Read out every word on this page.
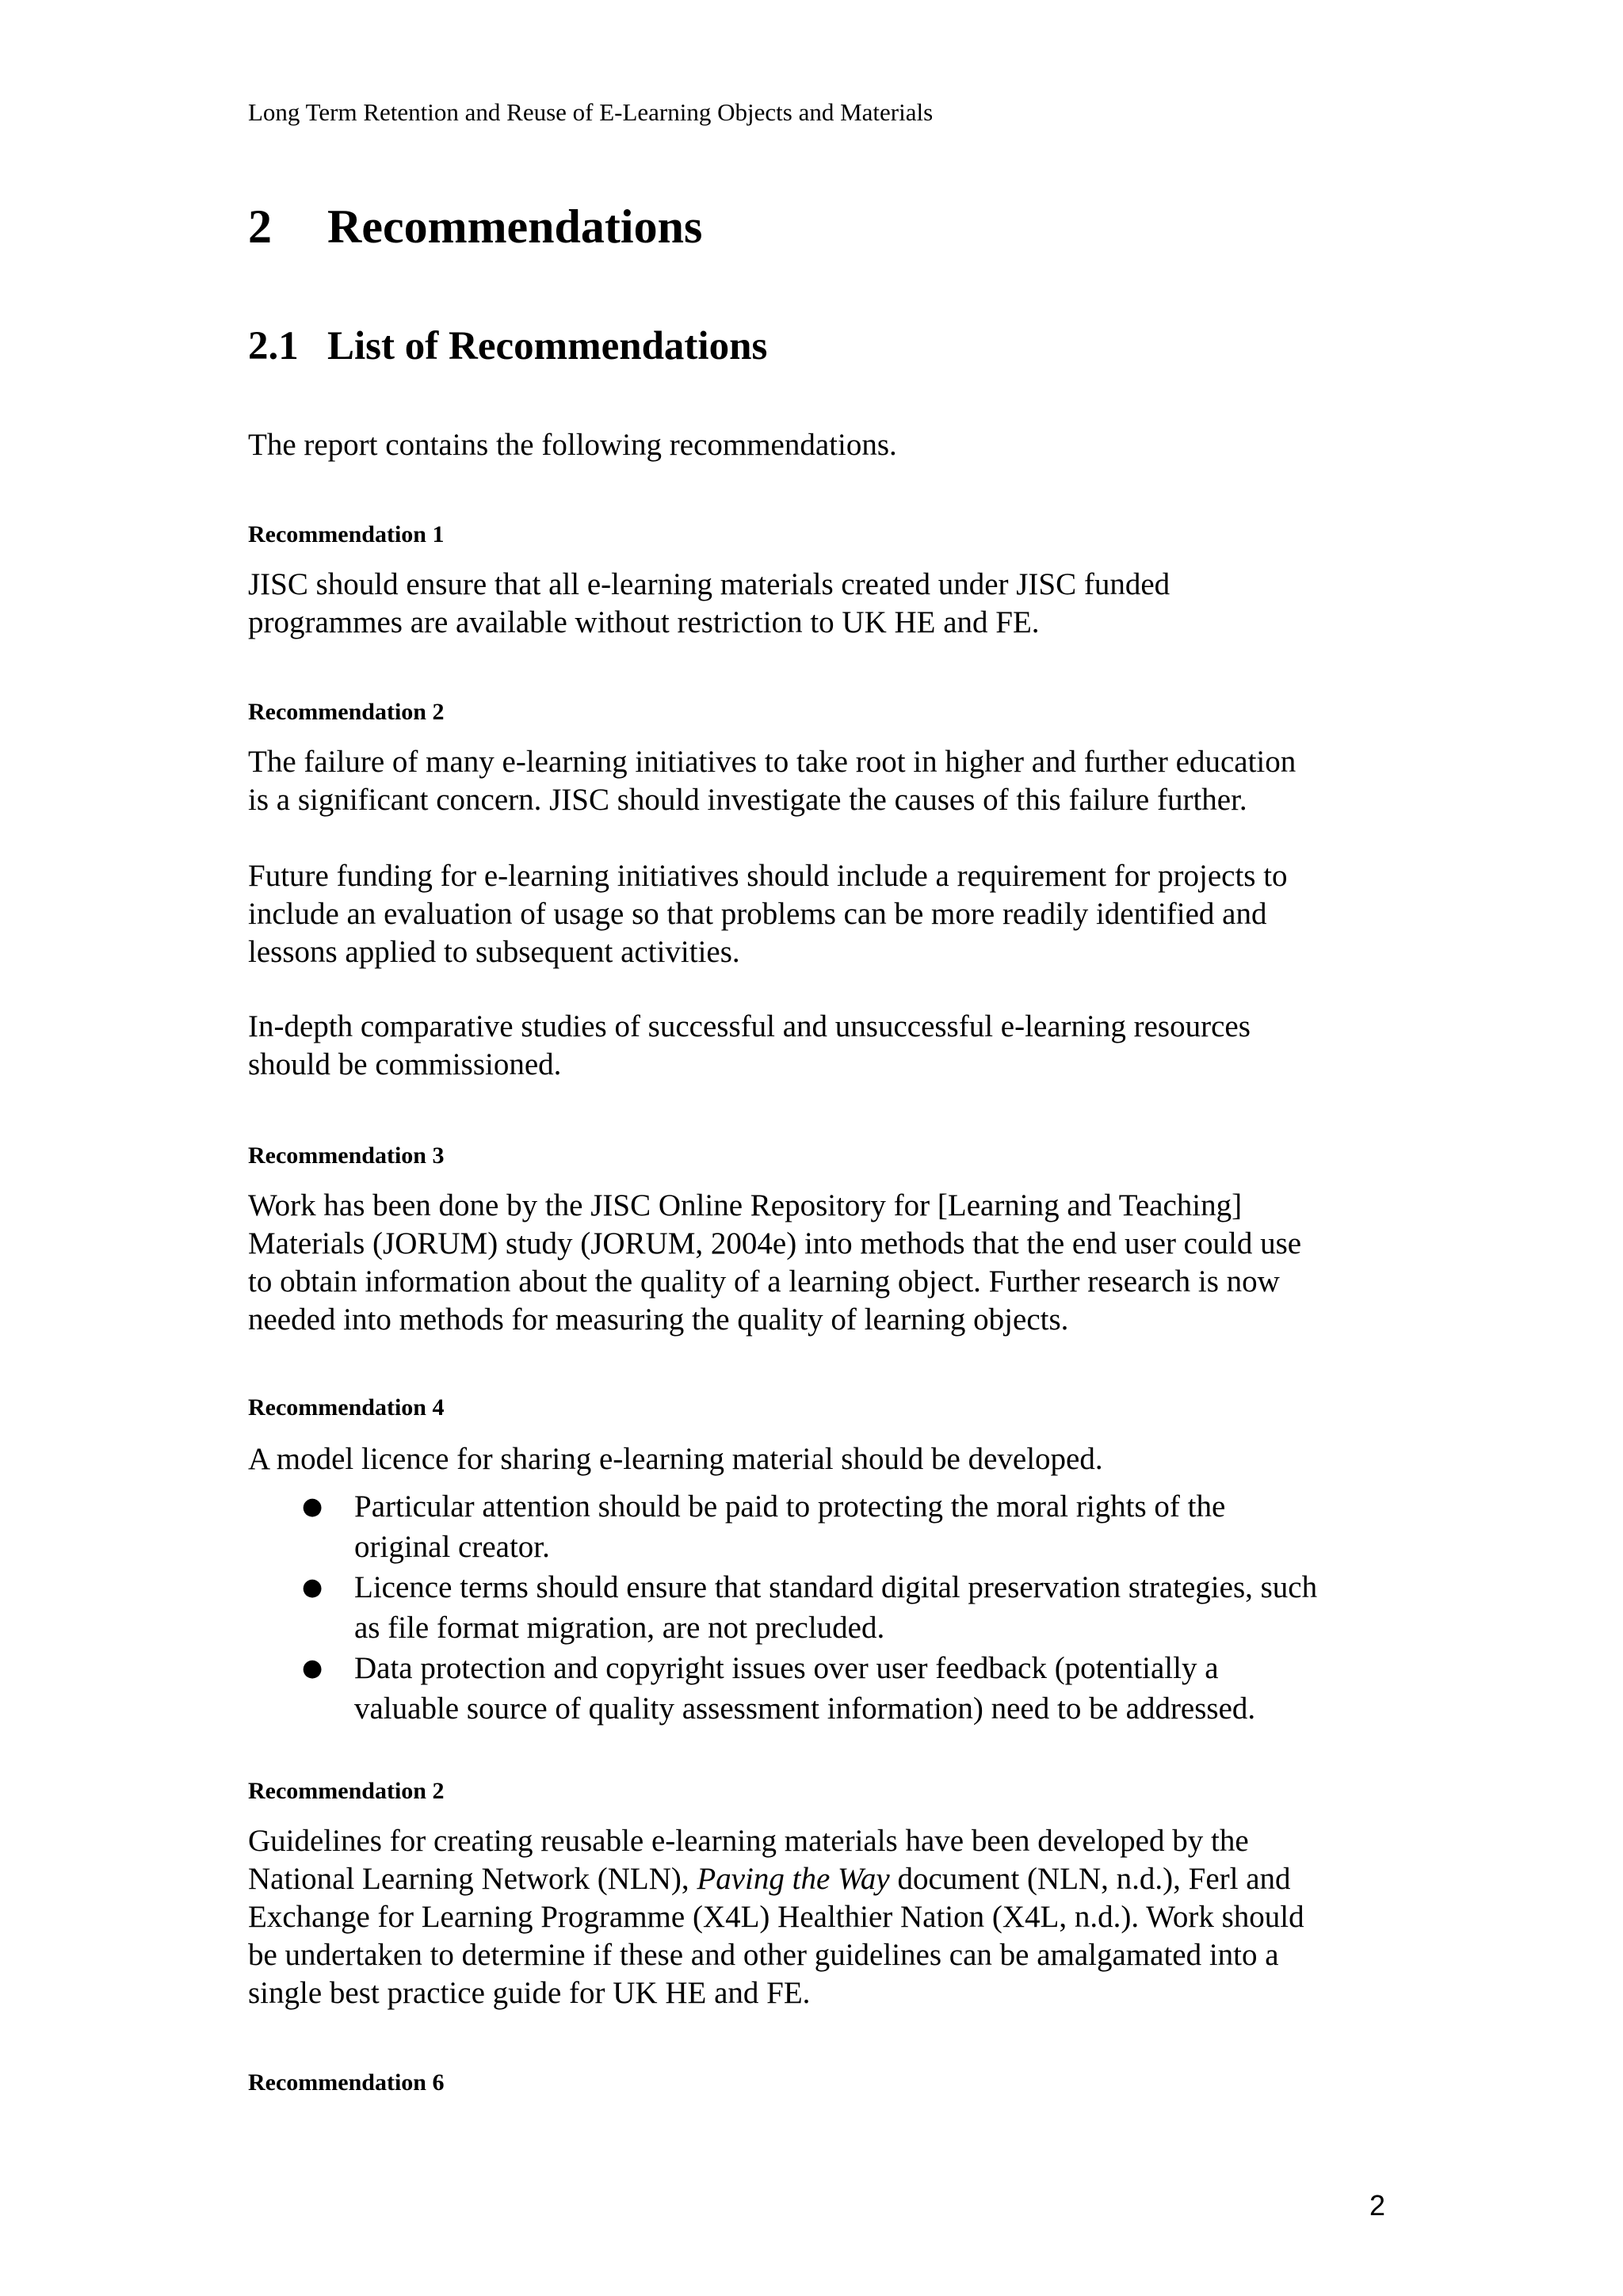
Long Term Retention and Reuse of E-Learning Objects and Materials
2 Recommendations
2.1 List of Recommendations
The report contains the following recommendations.
Recommendation 1
JISC should ensure that all e-learning materials created under JISC funded
programmes are available without restriction to UK HE and FE.
Recommendation 2
The failure of many e-learning initiatives to take root in higher and further education
is a significant concern. JISC should investigate the causes of this failure further.
Future funding for e-learning initiatives should include a requirement for projects to
include an evaluation of usage so that problems can be more readily identified and
lessons applied to subsequent activities.
In-depth comparative studies of successful and unsuccessful e-learning resources
should be commissioned.
Recommendation 3
Work has been done by the JISC Online Repository for [Learning and Teaching]
Materials (JORUM) study (JORUM, 2004e) into methods that the end user could use
to obtain information about the quality of a learning object. Further research is now
needed into methods for measuring the quality of learning objects.
Recommendation 4
A model licence for sharing e-learning material should be developed.
● Particular attention should be paid to protecting the moral rights of the
original creator.
● Licence terms should ensure that standard digital preservation strategies, such
as file format migration, are not precluded.
● Data protection and copyright issues over user feedback (potentially a
valuable source of quality assessment information) need to be addressed.
Recommendation 2
Guidelines for creating reusable e-learning materials have been developed by the
National Learning Network (NLN), Paving the Way document (NLN, n.d.), Ferl and
Exchange for Learning Programme (X4L) Healthier Nation (X4L, n.d.). Work should
be undertaken to determine if these and other guidelines can be amalgamated into a
single best practice guide for UK HE and FE.
Recommendation 6
2
